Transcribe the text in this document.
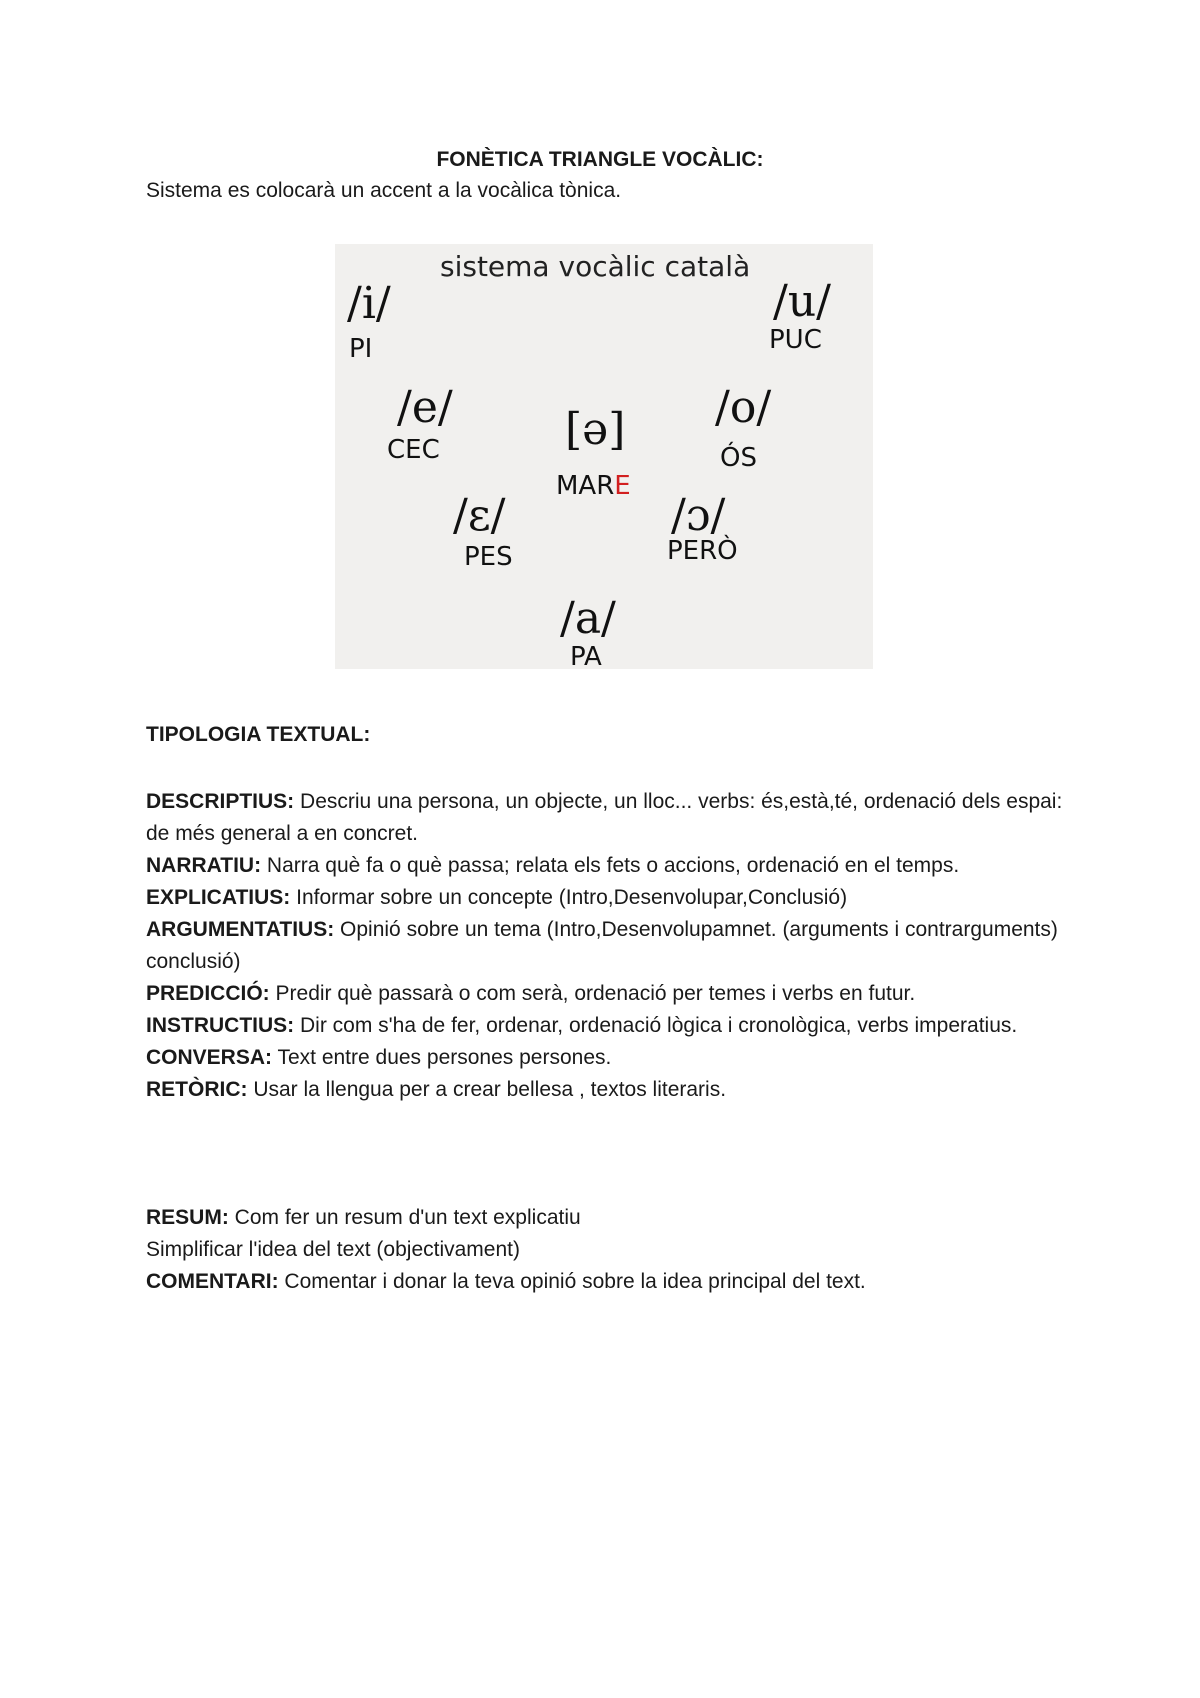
FONÈTICA TRIANGLE VOCÀLIC:
Sistema es colocarà un accent a la vocàlica tònica.
sistema vocàlic català
/i/
PI
/u/
PUC
/e/
CEC
/o/
ÓS
[ə]
MARE
/ɛ/
PES
/ɔ/
PERÒ
/a/
PA
TIPOLOGIA TEXTUAL:

DESCRIPTIUS: Descriu una persona, un objecte, un lloc... verbs: és,està,té, ordenació dels espai: de més general a en concret.

NARRATIU: Narra què fa o què passa; relata els fets o accions, ordenació en el temps.

EXPLICATIUS: Informar sobre un concepte (Intro,Desenvolupar,Conclusió)

ARGUMENTATIUS: Opinió sobre un tema (Intro,Desenvolupamnet. (arguments i contrarguments) conclusió)

PREDICCIÓ: Predir què passarà o com serà, ordenació per temes i verbs en futur.

INSTRUCTIUS: Dir com s'ha de fer, ordenar, ordenació lògica i cronològica, verbs imperatius.

CONVERSA: Text entre dues persones persones.

RETÒRIC: Usar la llengua per a crear bellesa , textos literaris.

RESUM: Com fer un resum d'un text explicatiu

Simplificar l'idea del text (objectivament)

COMENTARI: Comentar i donar la teva opinió sobre la idea principal del text.
